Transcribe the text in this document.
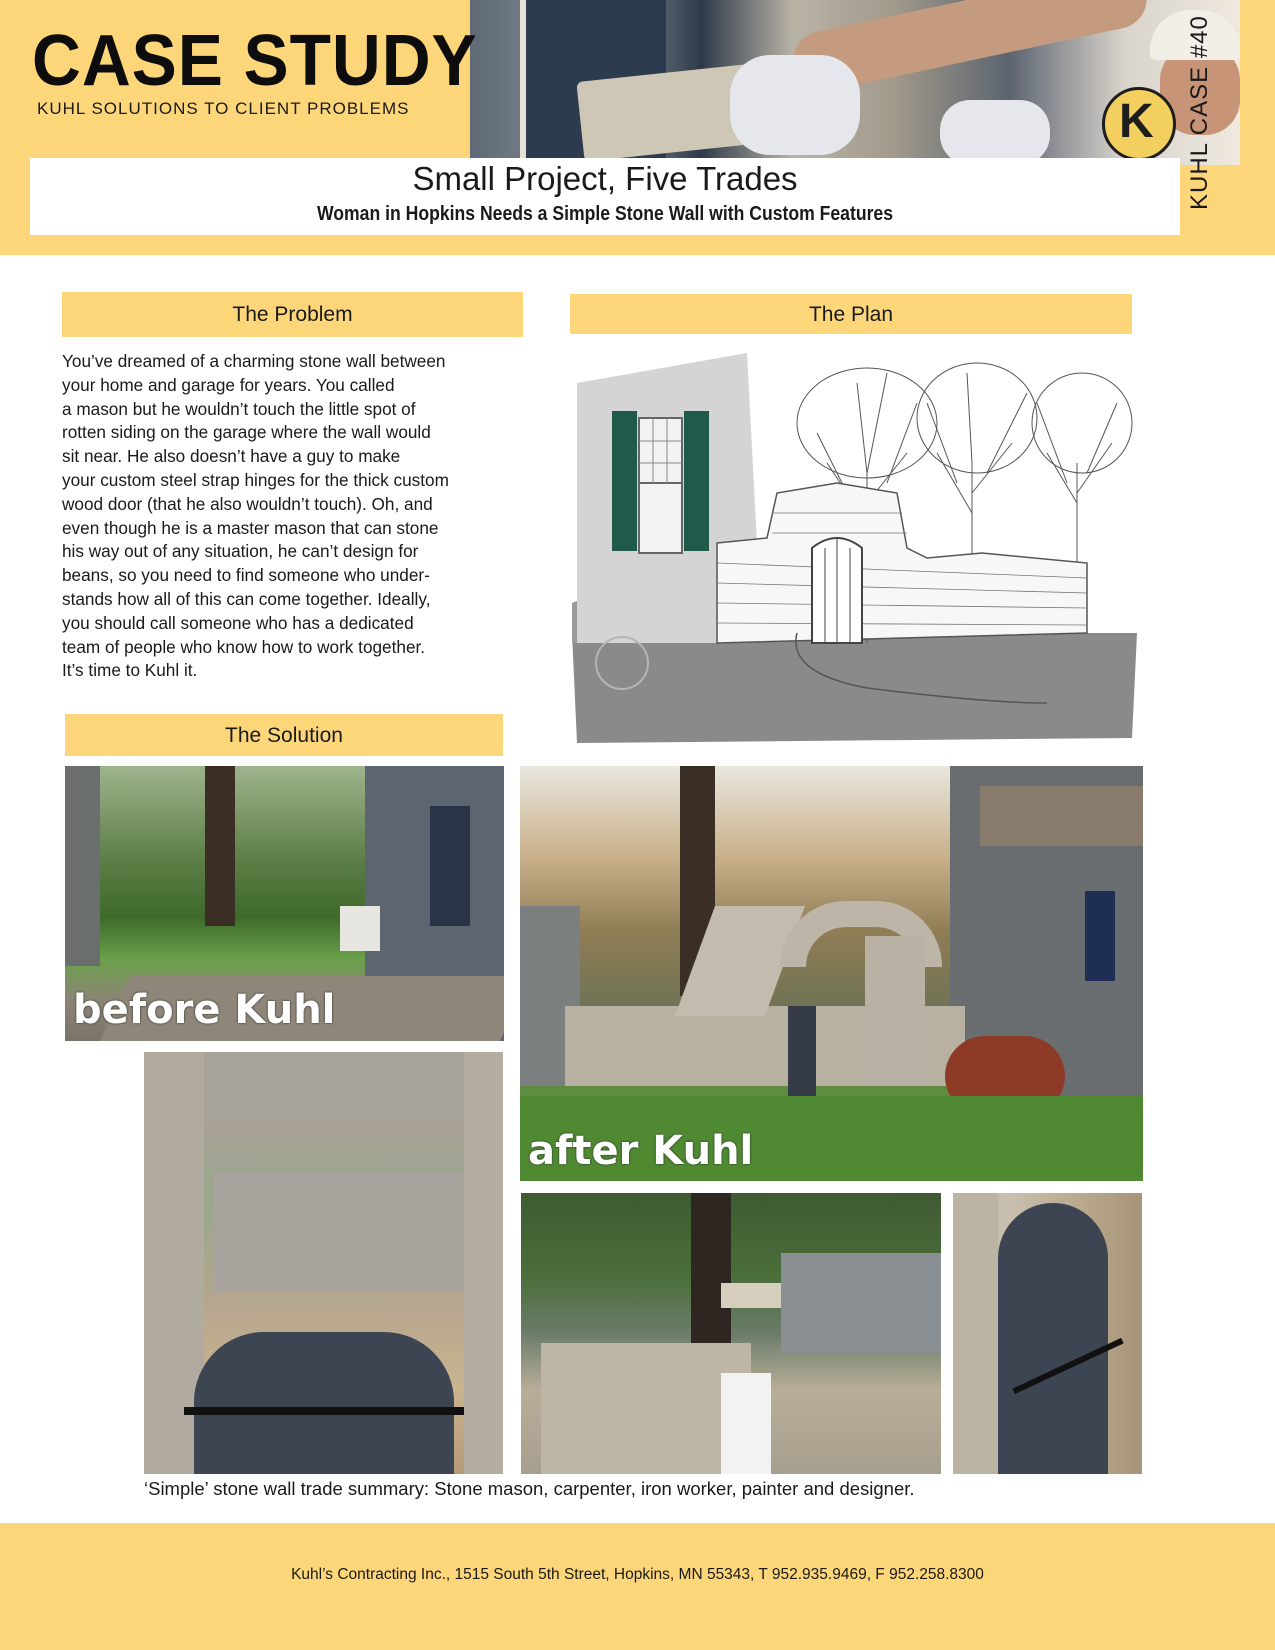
K KUHL CASE #40
CASE STUDY
KUHL SOLUTIONS TO CLIENT PROBLEMS
Small Project, Five Trades
Woman in Hopkins Needs a Simple Stone Wall with Custom Features
The Problem
You’ve dreamed of a charming stone wall between
your home and garage for years. You called
a mason but he wouldn’t touch the little spot of
rotten siding on the garage where the wall would
sit near. He also doesn’t have a guy to make
your custom steel strap hinges for the thick custom
wood door (that he also wouldn’t touch). Oh, and
even though he is a master mason that can stone
his way out of any situation, he can’t design for
beans, so you need to find someone who under-
stands how all of this can come together. Ideally,
you should call someone who has a dedicated
team of people who know how to work together.
It’s time to Kuhl it.
The Plan
The Solution
before Kuhl
after Kuhl
‘Simple’ stone wall trade summary: Stone mason, carpenter, iron worker, painter and designer.
Kuhl’s Contracting Inc., 1515 South 5th Street, Hopkins, MN 55343, T 952.935.9469, F 952.258.8300
